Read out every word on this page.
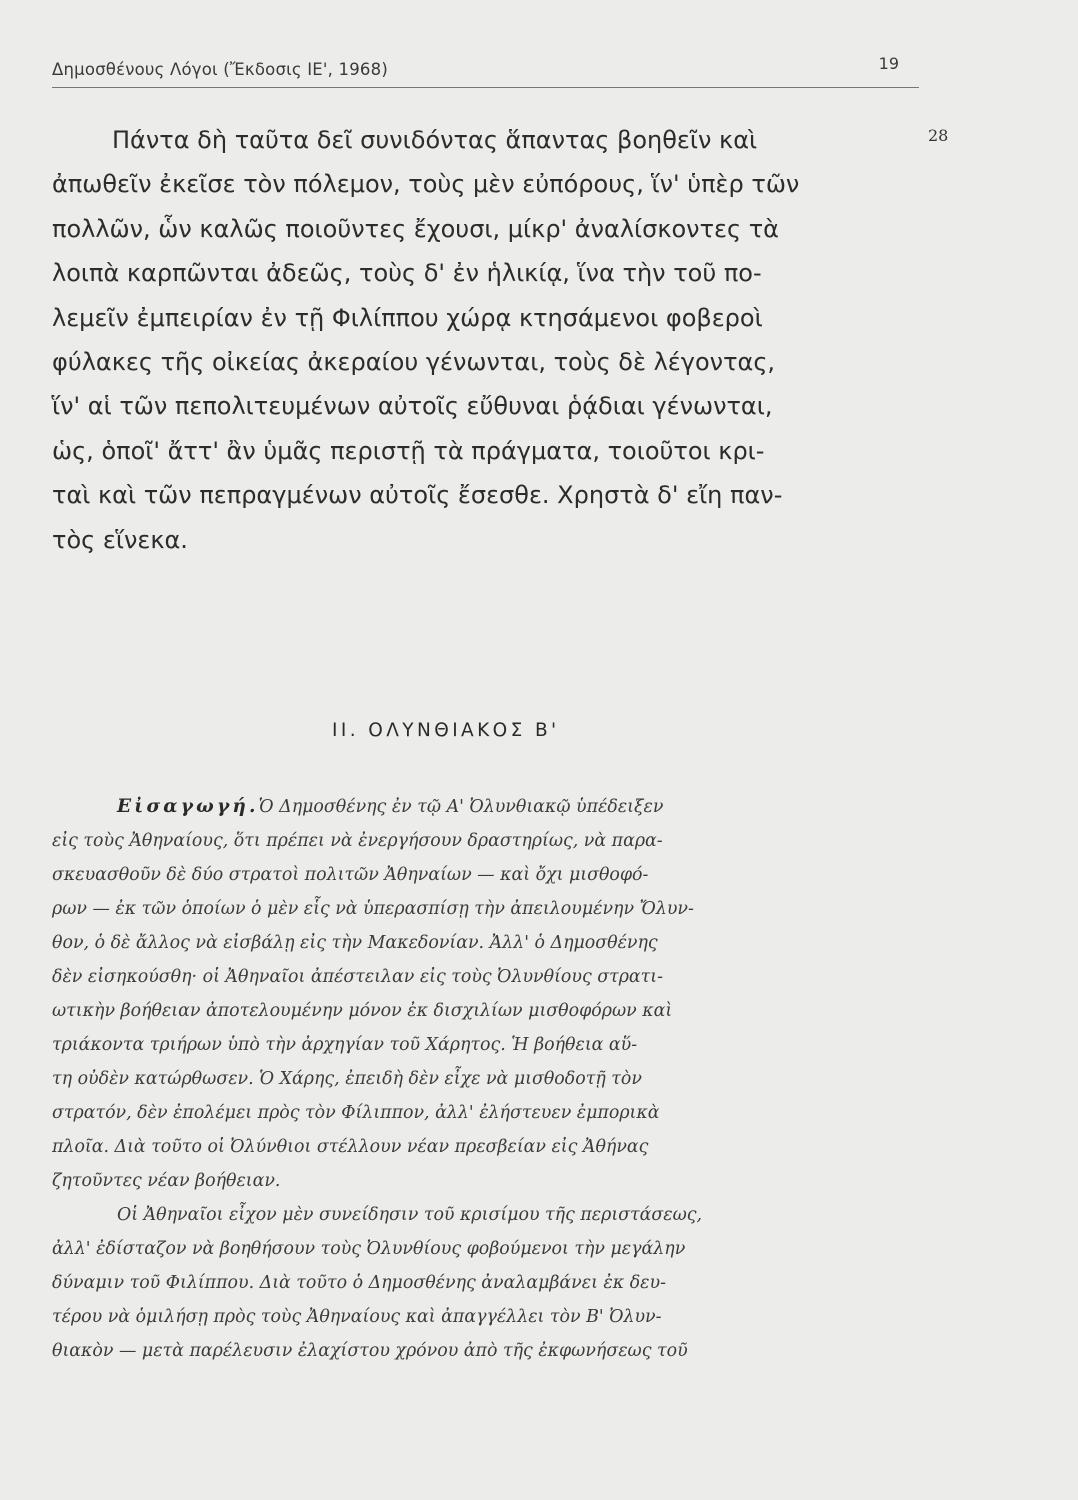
Δημοσθένους Λόγοι (Ἔκδοσις ΙΕ', 1968)	19
28
Πάντα δὴ ταῦτα δεῖ συνιδόντας ἅπαντας βοηθεῖν καὶ
ἀπωθεῖν ἐκεῖσε τὸν πόλεμον, τοὺς μὲν εὐπόρους, ἵν' ὑπὲρ τῶν
πολλῶν, ὧν καλῶς ποιοῦντες ἔχουσι, μίκρ' ἀναλίσκοντες τὰ
λοιπὰ καρπῶνται ἀδεῶς, τοὺς δ' ἐν ἡλικίᾳ, ἵνα τὴν τοῦ πο-
λεμεῖν ἐμπειρίαν ἐν τῇ Φιλίππου χώρᾳ κτησάμενοι φοβεροὶ
φύλακες τῆς οἰκείας ἀκεραίου γένωνται, τοὺς δὲ λέγοντας,
ἵν' αἱ τῶν πεπολιτευμένων αὐτοῖς εὔθυναι ῥᾴδιαι γένωνται,
ὡς, ὁποῖ' ἄττ' ἂν ὑμᾶς περιστῇ τὰ πράγματα, τοιοῦτοι κρι-
ταὶ καὶ τῶν πεπραγμένων αὐτοῖς ἔσεσθε. Χρηστὰ δ' εἴη παν-
τὸς εἵνεκα.
II. ΟΛΥΝΘΙΑΚΟΣ Β'
Εἰσαγωγή.Ὁ Δημοσθένης ἐν τῷ Α' Ὀλυνθιακῷ ὑπέδειξεν
εἰς τοὺς Ἀθηναίους, ὅτι πρέπει νὰ ἐνεργήσουν δραστηρίως, νὰ παρα-
σκευασθοῦν δὲ δύο στρατοὶ πολιτῶν Ἀθηναίων — καὶ ὄχι μισθοφό-
ρων — ἐκ τῶν ὁποίων ὁ μὲν εἷς νὰ ὑπερασπίσῃ τὴν ἀπειλουμένην Ὄλυν-
θον, ὁ δὲ ἄλλος νὰ εἰσβάλῃ εἰς τὴν Μακεδονίαν. Ἀλλ' ὁ Δημοσθένης
δὲν εἰσηκούσθη· οἱ Ἀθηναῖοι ἀπέστειλαν εἰς τοὺς Ὀλυνθίους στρατι-
ωτικὴν βοήθειαν ἀποτελουμένην μόνον ἐκ δισχιλίων μισθοφόρων καὶ
τριάκοντα τριήρων ὑπὸ τὴν ἀρχηγίαν τοῦ Χάρητος. Ἡ βοήθεια αὕ-
τη οὐδὲν κατώρθωσεν. Ὁ Χάρης, ἐπειδὴ δὲν εἶχε νὰ μισθοδοτῇ τὸν
στρατόν, δὲν ἐπολέμει πρὸς τὸν Φίλιππον, ἀλλ' ἐλήστευεν ἐμπορικὰ
πλοῖα. Διὰ τοῦτο οἱ Ὀλύνθιοι στέλλουν νέαν πρεσβείαν εἰς Ἀθήνας
ζητοῦντες νέαν βοήθειαν.
Οἱ Ἀθηναῖοι εἶχον μὲν συνείδησιν τοῦ κρισίμου τῆς περιστάσεως,
ἀλλ' ἐδίσταζον νὰ βοηθήσουν τοὺς Ὀλυνθίους φοβούμενοι τὴν μεγάλην
δύναμιν τοῦ Φιλίππου. Διὰ τοῦτο ὁ Δημοσθένης ἀναλαμβάνει ἐκ δευ-
τέρου νὰ ὁμιλήσῃ πρὸς τοὺς Ἀθηναίους καὶ ἀπαγγέλλει τὸν Β' Ὀλυν-
θιακὸν — μετὰ παρέλευσιν ἐλαχίστου χρόνου ἀπὸ τῆς ἐκφωνήσεως τοῦ
